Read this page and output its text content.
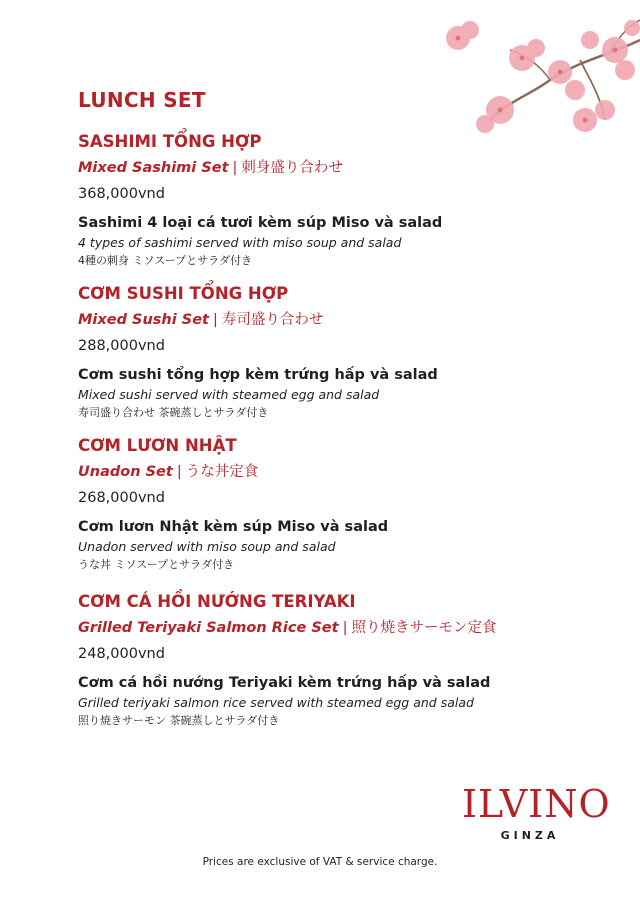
LUNCH SET
SASHIMI TỔNG HỢP
Mixed Sashimi Set | 刺身盛り合わせ
368,000vnd
Sashimi 4 loại cá tươi kèm súp Miso và salad
4 types of sashimi served with miso soup and salad
4種の刺身 ミソスープとサラダ付き
CƠM SUSHI TỔNG HỢP
Mixed Sushi Set | 寿司盛り合わせ
288,000vnd
Cơm sushi tổng hợp kèm trứng hấp và salad
Mixed sushi served with steamed egg and salad
寿司盛り合わせ 茶碗蒸しとサラダ付き
CƠM LƯƠN NHẬT
Unadon Set | うな丼定食
268,000vnd
Cơm lươn Nhật kèm súp Miso và salad
Unadon served with miso soup and salad
うな丼 ミソスープとサラダ付き
CƠM CÁ HỒI NƯỚNG TERIYAKI
Grilled Teriyaki Salmon Rice Set | 照り焼きサーモン定食
248,000vnd
Cơm cá hồi nướng Teriyaki kèm trứng hấp và salad
Grilled teriyaki salmon rice served with steamed egg and salad
照り焼きサーモン 茶碗蒸しとサラダ付き
ILVINO
GINZA
Prices are exclusive of VAT & service charge.
